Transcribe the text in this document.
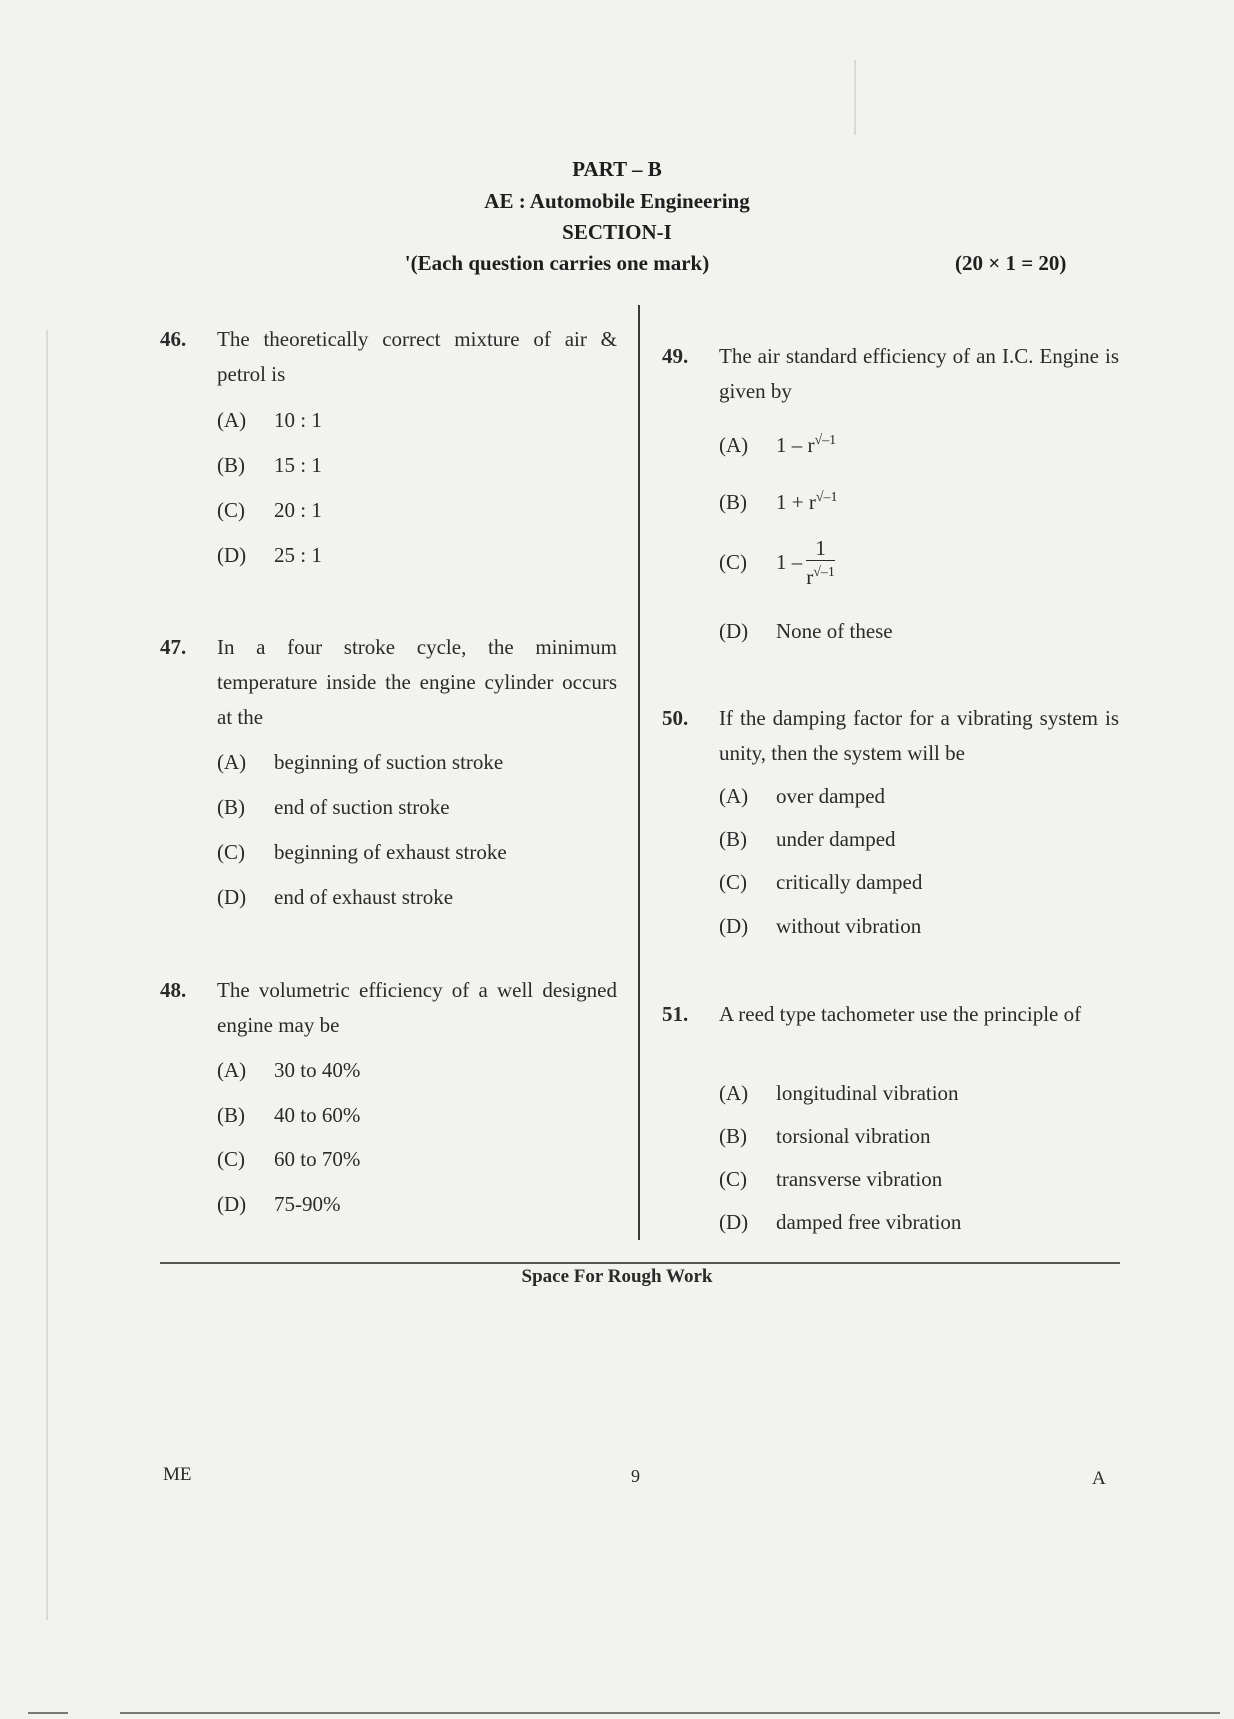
PART – B
AE : Automobile Engineering
SECTION-I
'(Each question carries one mark)	(20 × 1 = 20)
46. The theoretically correct mixture of air & petrol is
(A) 10 : 1
(B) 15 : 1
(C) 20 : 1
(D) 25 : 1
47. In a four stroke cycle, the minimum temperature inside the engine cylinder occurs at the
(A) beginning of suction stroke
(B) end of suction stroke
(C) beginning of exhaust stroke
(D) end of exhaust stroke
48. The volumetric efficiency of a well designed engine may be
(A) 30 to 40%
(B) 40 to 60%
(C) 60 to 70%
(D) 75-90%
49. The air standard efficiency of an I.C. Engine is given by
(A) $1 - r^{√-1}$
(B) $1 + r^{√-1}$
(C) $1 - \frac{1}{r^{√-1}}$
(D) None of these
50. If the damping factor for a vibrating system is unity, then the system will be
(A) over damped
(B) under damped
(C) critically damped
(D) without vibration
51. A reed type tachometer use the principle of
(A) longitudinal vibration
(B) torsional vibration
(C) transverse vibration
(D) damped free vibration
Space For Rough Work
ME	9	A
